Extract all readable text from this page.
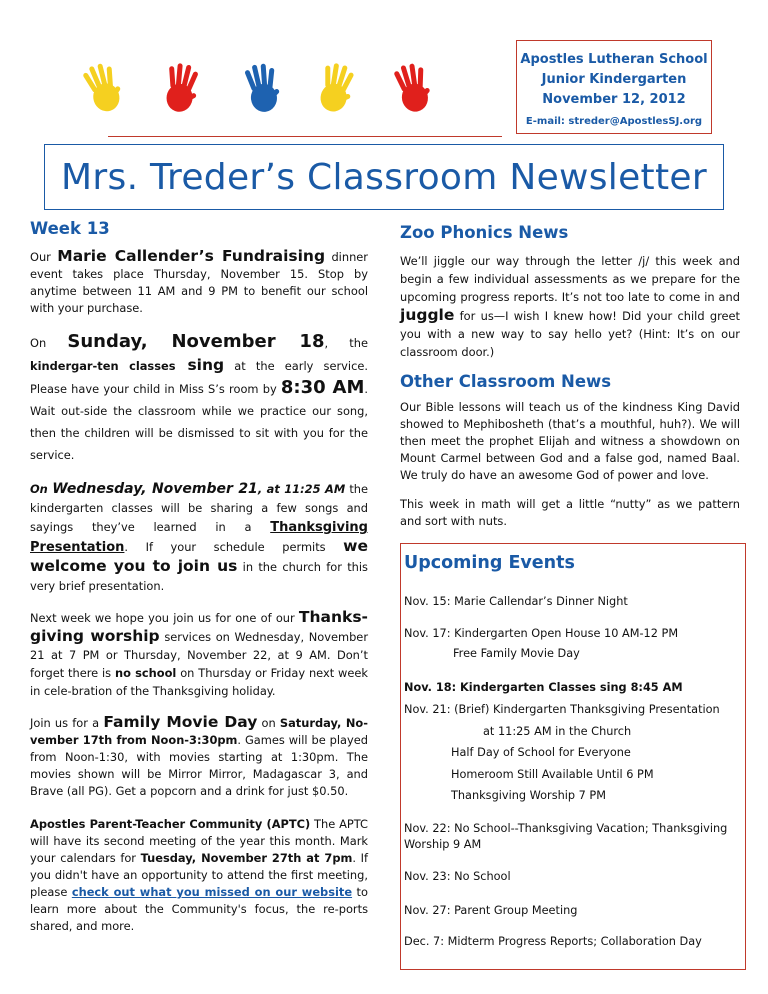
Apostles Lutheran School
Junior Kindergarten
November 12, 2012
E-mail: streder@ApostlesSJ.org
Mrs. Treder’s Classroom Newsletter
Week 13

Our Marie Callender’s Fundraising dinner event takes place Thursday, November 15. Stop by anytime between 11 AM and 9 PM to benefit our school with your purchase.

On Sunday, November 18, the kindergar-ten classes sing at the early service. Please have your child in Miss S’s room by 8:30 AM. Wait out-side the classroom while we practice our song, then the children will be dismissed to sit with you for the service.

On Wednesday, November 21, at 11:25 AM the kindergarten classes will be sharing a few songs and sayings they’ve learned in a Thanksgiving Presentation. If your schedule permits we welcome you to join us in the church for this very brief presentation.

Next week we hope you join us for one of our Thanks-giving worship services on Wednesday, November 21 at 7 PM or Thursday, November 22, at 9 AM. Don’t forget there is no school on Thursday or Friday next week in cele-bration of the Thanksgiving holiday.

Join us for a Family Movie Day on Saturday, No-vember 17th from Noon-3:30pm. Games will be played from Noon-1:30, with movies starting at 1:30pm. The movies shown will be Mirror Mirror, Madagascar 3, and Brave (all PG). Get a popcorn and a drink for just $0.50.

Apostles Parent-Teacher Community (APTC) The APTC will have its second meeting of the year this month. Mark your calendars for Tuesday, November 27th at 7pm. If you didn't have an opportunity to attend the first meeting, please check out what you missed on our website to learn more about the Community's focus, the re-ports shared, and more.

Zoo Phonics News

We’ll jiggle our way through the letter /j/ this week and begin a few individual assessments as we prepare for the upcoming progress reports. It’s not too late to come in and juggle for us—I wish I knew how! Did your child greet you with a new way to say hello yet? (Hint: It’s on our classroom door.)

Other Classroom News

Our Bible lessons will teach us of the kindness King David showed to Mephibosheth (that’s a mouthful, huh?). We will then meet the prophet Elijah and witness a showdown on Mount Carmel between God and a false god, named Baal. We truly do have an awesome God of power and love.

This week in math will get a little “nutty” as we pattern and sort with nuts.

Upcoming Events
Nov. 15: Marie Callendar’s Dinner Night
Nov. 17: Kindergarten Open House 10 AM-12 PM
Free Family Movie Day
Nov. 18: Kindergarten Classes sing 8:45 AM
Nov. 21: (Brief) Kindergarten Thanksgiving Presentation
at 11:25 AM in the Church
Half Day of School for Everyone
Homeroom Still Available Until 6 PM
Thanksgiving Worship 7 PM
Nov. 22: No School--Thanksgiving Vacation; Thanksgiving Worship 9 AM
Nov. 23: No School
Nov. 27: Parent Group Meeting
Dec. 7: Midterm Progress Reports; Collaboration Day
